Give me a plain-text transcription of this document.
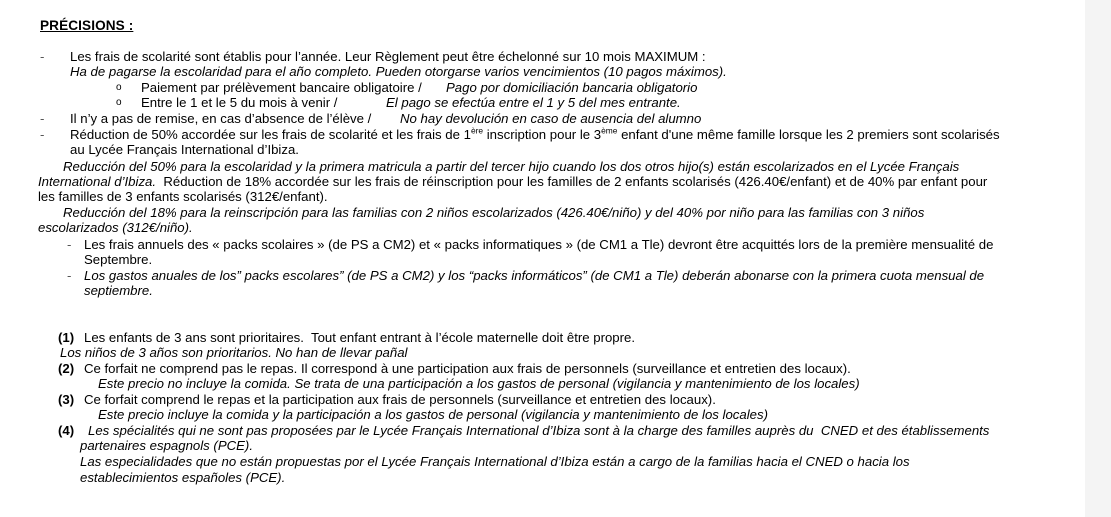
PRÉCISIONS :
- Les frais de scolarité sont établis pour l’année. Leur Règlement peut être échelonné sur 10 mois MAXIMUM :
Ha de pagarse la escolaridad para el año completo. Pueden otorgarse varios vencimientos (10 pagos máximos).
o Paiement par prélèvement bancaire obligatoire / Pago por domiciliación bancaria obligatorio
o Entre le 1 et le 5 du mois à venir /	El pago se efectúa entre el 1 y 5 del mes entrante.
- Il n’y a pas de remise, en cas d’absence de l’élève / No hay devolución en caso de ausencia del alumno
- Réduction de 50% accordée sur les frais de scolarité et les frais de 1ère inscription pour le 3ème enfant d'une même famille lorsque les 2 premiers sont scolarisés
au Lycée Français International d’Ibiza.
Reducción del 50% para la escolaridad y la primera matricula a partir del tercer hijo cuando los dos otros hijo(s) están escolarizados en el Lycée Français
International d’Ibiza.  Réduction de 18% accordée sur les frais de réinscription pour les familles de 2 enfants scolarisés (426.40€/enfant) et de 40% par enfant pour
les familles de 3 enfants scolarisés (312€/enfant).
Reducción del 18% para la reinscripción para las familias con 2 niños escolarizados (426.40€/niño) y del 40% por niño para las familias con 3 niños
escolarizados (312€/niño).
- Les frais annuels des « packs scolaires » (de PS a CM2) et « packs informatiques » (de CM1 a Tle) devront être acquittés lors de la première mensualité de
Septembre.
- Los gastos anuales de los” packs escolares” (de PS a CM2) y los “packs informáticos” (de CM1 a Tle) deberán abonarse con la primera cuota mensual de
septiembre.
(1) Les enfants de 3 ans sont prioritaires.  Tout enfant entrant à l’école maternelle doit être propre.
Los niños de 3 años son prioritarios. No han de llevar pañal
(2) Ce forfait ne comprend pas le repas. Il correspond à une participation aux frais de personnels (surveillance et entretien des locaux).
Este precio no incluye la comida. Se trata de una participación a los gastos de personal (vigilancia y mantenimiento de los locales)
(3) Ce forfait comprend le repas et la participation aux frais de personnels (surveillance et entretien des locaux).
Este precio incluye la comida y la participación a los gastos de personal (vigilancia y mantenimiento de los locales)
(4) Les spécialités qui ne sont pas proposées par le Lycée Français International d’Ibiza sont à la charge des familles auprès du  CNED et des établissements
partenaires espagnols (PCE).
Las especialidades que no están propuestas por el Lycée Français International d’Ibiza están a cargo de la familias hacia el CNED o hacia los
establecimientos españoles (PCE).
